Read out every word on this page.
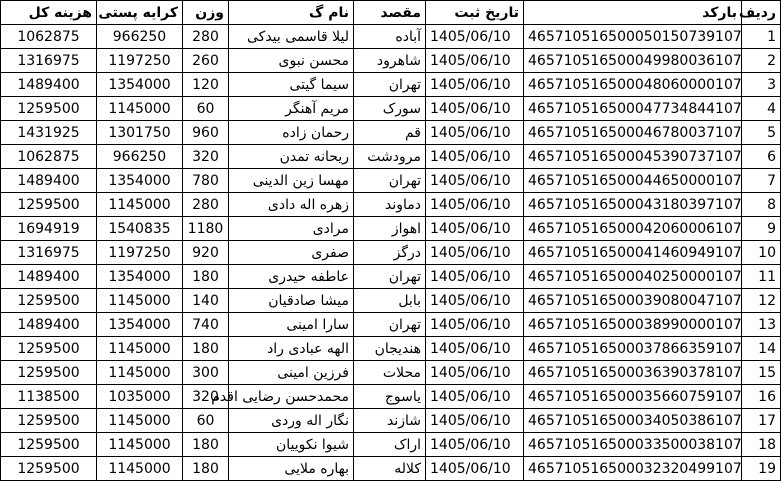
ردیف	بارکد	تاریخ ثبت	مقصد	نام گ	وزن	کرایه پستی	هزینه کل
1	465710516500050150739107	1405/06/10	آباده	لیلا قاسمی بیدکی	280	966250	1062875
2	465710516500049980036107	1405/06/10	شاهرود	محسن نبوی	260	1197250	1316975
3	465710516500048060000107	1405/06/10	تهران	سیما گیتی	120	1354000	1489400
4	465710516500047734844107	1405/06/10	سورک	مریم آهنگر	60	1145000	1259500
5	465710516500046780037107	1405/06/10	قم	رحمان زاده	960	1301750	1431925
6	465710516500045390737107	1405/06/10	مرودشت	ریحانه تمدن	320	966250	1062875
7	465710516500044650000107	1405/06/10	تهران	مهسا زین الدینی	780	1354000	1489400
8	465710516500043180397107	1405/06/10	دماوند	زهره اله دادی	280	1145000	1259500
9	465710516500042060006107	1405/06/10	اهواز	مرادی	1180	1540835	1694919
10	465710516500041460949107	1405/06/10	درگز	صفری	920	1197250	1316975
11	465710516500040250000107	1405/06/10	تهران	عاطفه حیدری	180	1354000	1489400
12	465710516500039080047107	1405/06/10	بابل	میشا صادقیان	140	1145000	1259500
13	465710516500038990000107	1405/06/10	تهران	سارا امینی	740	1354000	1489400
14	465710516500037866359107	1405/06/10	هندیجان	الهه عبادی راد	180	1145000	1259500
15	465710516500036390378107	1405/06/10	محلات	فرزین امینی	300	1145000	1259500
16	465710516500035660759107	1405/06/10	یاسوج	محمدحسن رضایی اقدم	320	1035000	1138500
17	465710516500034050386107	1405/06/10	شازند	نگار اله وردی	60	1145000	1259500
18	465710516500033500038107	1405/06/10	اراک	شیوا نکوییان	180	1145000	1259500
19	465710516500032320499107	1405/06/10	کلاله	بهاره ملایی	180	1145000	1259500
